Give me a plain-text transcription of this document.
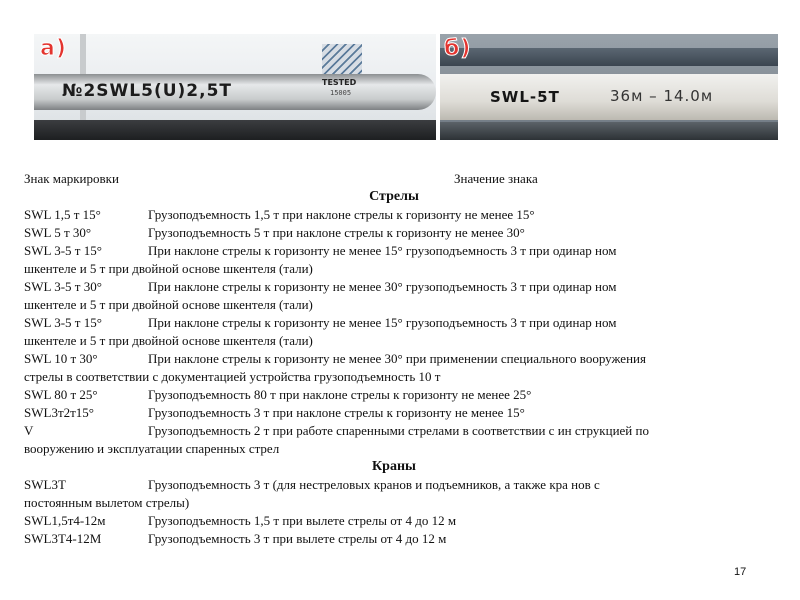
№2SWL5(U)2,5T	TESTED
15005
а)
SWL-5T	36м – 14.0м
б)
Знак маркировки	Значение знака
Стрелы
SWL 1,5 т 15°	Грузоподъемность 1,5 т при наклоне стрелы к горизонту не менее 15°
SWL 5 т 30°	Грузоподъемность 5 т при наклоне стрелы к горизонту не менее 30°
SWL 3-5 т 15°	При наклоне стрелы к горизонту не менее 15° грузоподъемность 3 т при одинар ном
шкентеле и 5 т при двойной основе шкентеля (тали)
SWL 3-5 т 30°	При наклоне стрелы к горизонту не менее 30° грузоподъемность 3 т при одинар ном
шкентеле и 5 т при двойной основе шкентеля (тали)
SWL 3-5 т 15°	При наклоне стрелы к горизонту не менее 15° грузоподъемность 3 т при одинар ном
шкентеле и 5 т при двойной основе шкентеля (тали)
SWL 10 т 30°	При наклоне стрелы к горизонту не менее 30° при применении специального вооружения
стрелы в соответствии с документацией устройства грузоподъемность 10 т
SWL 80 т 25°	Грузоподъемность 80 т при наклоне стрелы к горизонту не менее 25°
SWL3т2т15°	Грузоподъемность 3 т при наклоне стрелы к горизонту не менее 15°
V	Грузоподъемность 2 т при работе спаренными стрелами в соответствии с ин струкцией по
вооружению и эксплуатации спаренных стрел
Краны
SWL3T	Грузоподъемность 3 т (для нестреловых кранов и подъемников, а также кра нов с
постоянным вылетом стрелы)
SWL1,5т4-12м	Грузоподъемность 1,5 т при вылете стрелы от 4 до 12 м
SWL3T4-12M	Грузоподъемность 3 т при вылете стрелы от 4 до 12 м
17
